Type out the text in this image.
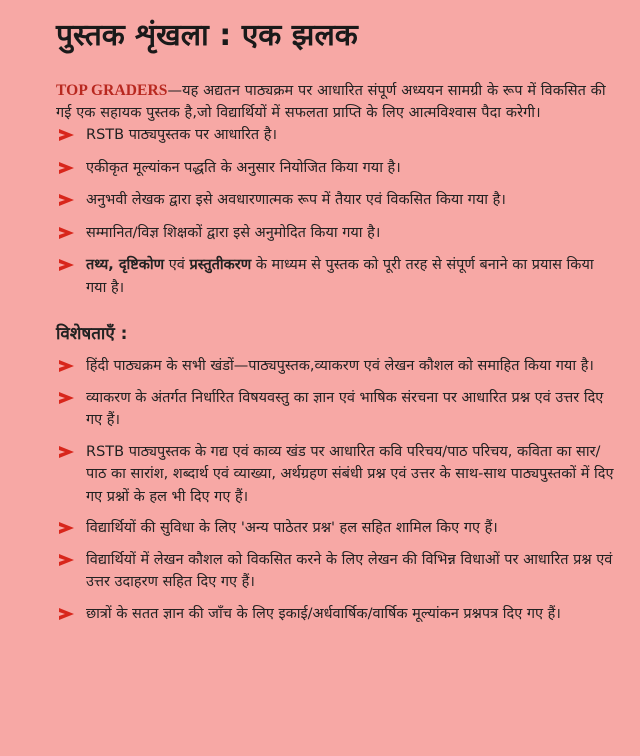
पुस्तक शृंखला : एक झलक

TOP GRADERS—यह अद्यतन पाठ्यक्रम पर आधारित संपूर्ण अध्ययन सामग्री के रूप में विकसित की गई एक सहायक पुस्तक है,जो विद्यार्थियों में सफलता प्राप्ति के लिए आत्मविश्वास पैदा करेगी।

RSTB पाठ्यपुस्तक पर आधारित है।
एकीकृत मूल्यांकन पद्धति के अनुसार नियोजित किया गया है।
अनुभवी लेखक द्वारा इसे अवधारणात्मक रूप में तैयार एवं विकसित किया गया है।
सम्मानित/विज्ञ शिक्षकों द्वारा इसे अनुमोदित किया गया है।
तथ्य, दृष्टिकोण एवं प्रस्तुतीकरण के माध्यम से पुस्तक को पूरी तरह से संपूर्ण बनाने का प्रयास किया गया है।
विशेषताएँ :
हिंदी पाठ्यक्रम के सभी खंडों—पाठ्यपुस्तक,व्याकरण एवं लेखन कौशल को समाहित किया गया है।
व्याकरण के अंतर्गत निर्धारित विषयवस्तु का ज्ञान एवं भाषिक संरचना पर आधारित प्रश्न एवं उत्तर दिए गए हैं।
RSTB पाठ्यपुस्तक के गद्य एवं काव्य खंड पर आधारित कवि परिचय/पाठ परिचय, कविता का सार/पाठ का सारांश, शब्दार्थ एवं व्याख्या, अर्थग्रहण संबंधी प्रश्न एवं उत्तर के साथ-साथ पाठ्यपुस्तकों में दिए गए प्रश्नों के हल भी दिए गए हैं।
विद्यार्थियों की सुविधा के लिए 'अन्य पाठेतर प्रश्न' हल सहित शामिल किए गए हैं।
विद्यार्थियों में लेखन कौशल को विकसित करने के लिए लेखन की विभिन्न विधाओं पर आधारित प्रश्न एवं उत्तर उदाहरण सहित दिए गए हैं।
छात्रों के सतत ज्ञान की जाँच के लिए इकाई/अर्धवार्षिक/वार्षिक मूल्यांकन प्रश्नपत्र दिए गए हैं।
